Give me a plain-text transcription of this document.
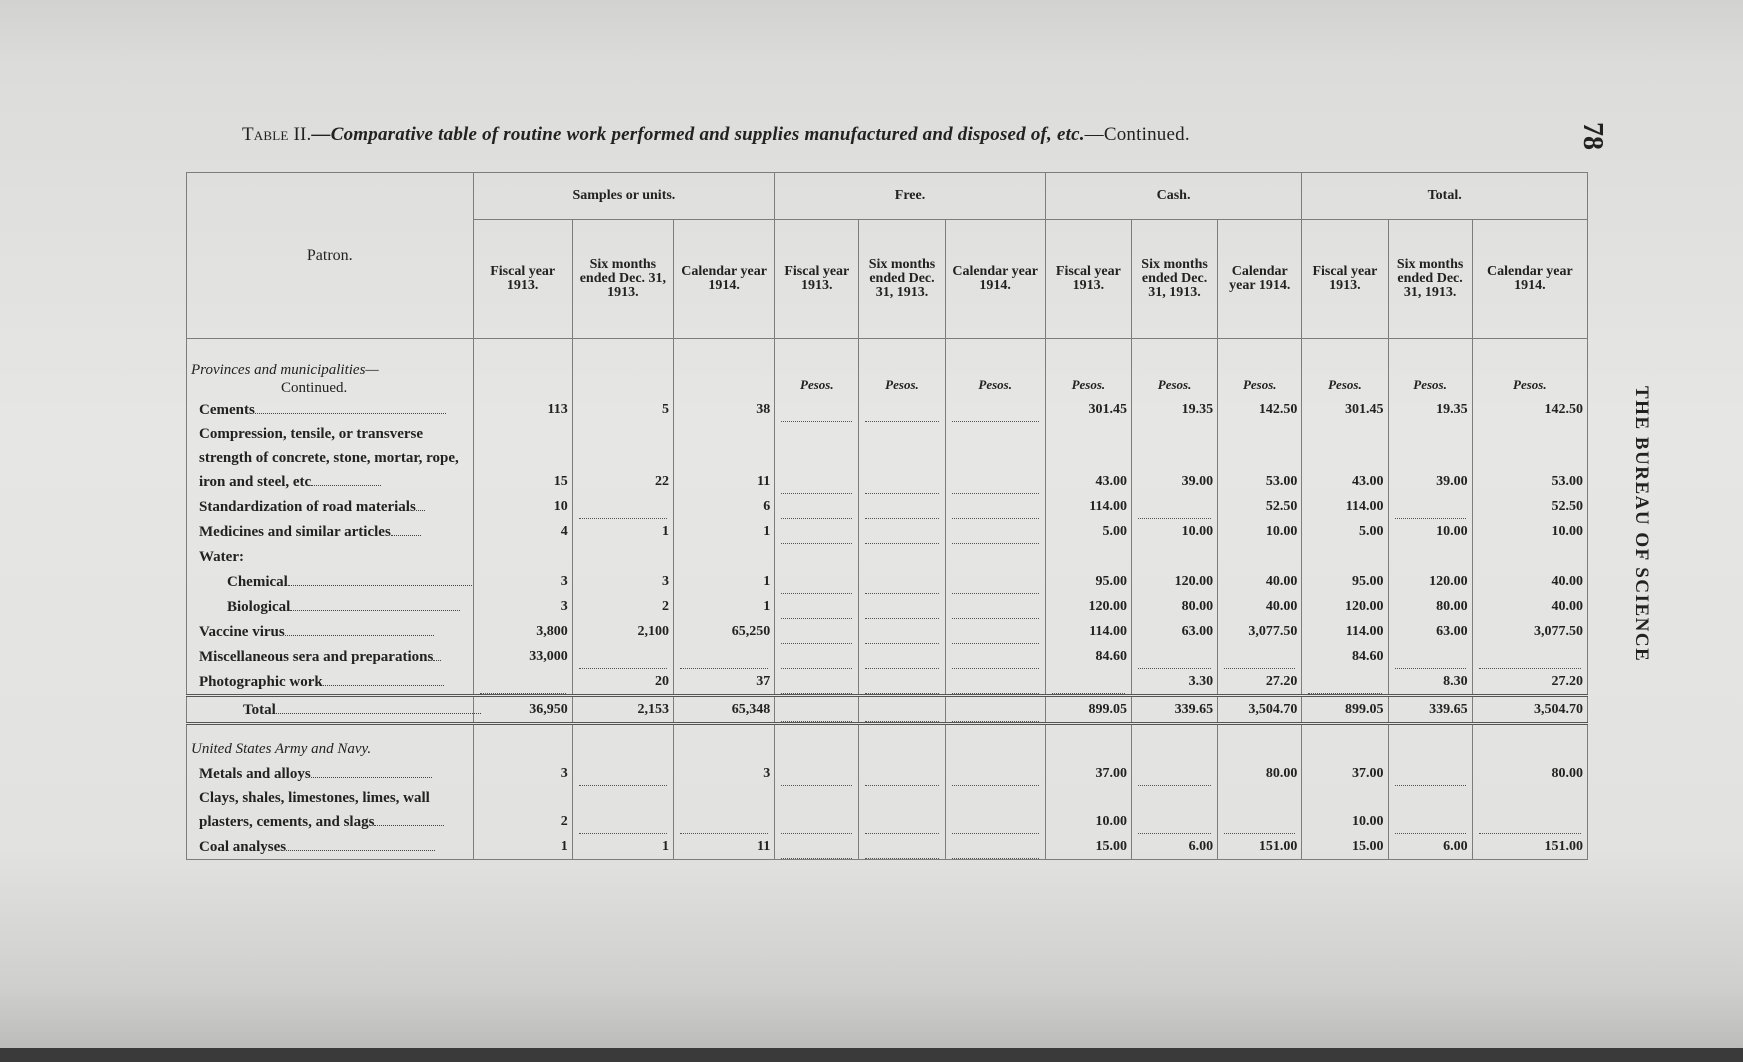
Table II.—Comparative table of routine work performed and supplies manufactured and disposed of, etc.—Continued.	78
THE BUREAU OF SCIENCE
Patron.	Samples or units.			Free.			Cash.			Total.		
	Fiscal year 1913.	Six months ended Dec. 31, 1913.	Calendar year 1914.	Fiscal year 1913.	Six months ended Dec. 31, 1913.	Calendar year 1914.	Fiscal year 1913.	Six months ended Dec. 31, 1913.	Calendar year 1914.	Fiscal year 1913.	Six months ended Dec. 31, 1913.	Calendar year 1914.

Provinces and municipalities—
Continued.				Pesos.	Pesos.	Pesos.	Pesos.	Pesos.	Pesos.	Pesos.	Pesos.	Pesos.
Cements	113	5	38				301.45	19.35	142.50	301.45	19.35	142.50
Compression, tensile, or transverse strength of concrete, stone, mortar, rope, iron and steel, etc	15	22	11				43.00	39.00	53.00	43.00	39.00	53.00
Standardization of road materials	10		6				114.00		52.50	114.00		52.50
Medicines and similar articles	4	1	1				5.00	10.00	10.00	5.00	10.00	10.00
Water:												
Chemical	3	3	1				95.00	120.00	40.00	95.00	120.00	40.00
Biological	3	2	1				120.00	80.00	40.00	120.00	80.00	40.00
Vaccine virus	3,800	2,100	65,250				114.00	63.00	3,077.50	114.00	63.00	3,077.50
Miscellaneous sera and preparations	33,000						84.60			84.60	

Photographic work		20	37					3.30	27.20		8.30	27.20
Total	36,950	2,153	65,348				899.05	339.65	3,504.70	899.05	339.65	3,504.70
United States Army and Navy.												
Metals and alloys	3		3				37.00		80.00	37.00		80.00
Clays, shales, limestones, limes, wall plasters, cements, and slags	2						10.00			10.00	

Coal analyses	1	1	11				15.00	6.00	151.00	15.00	6.00	151.00
